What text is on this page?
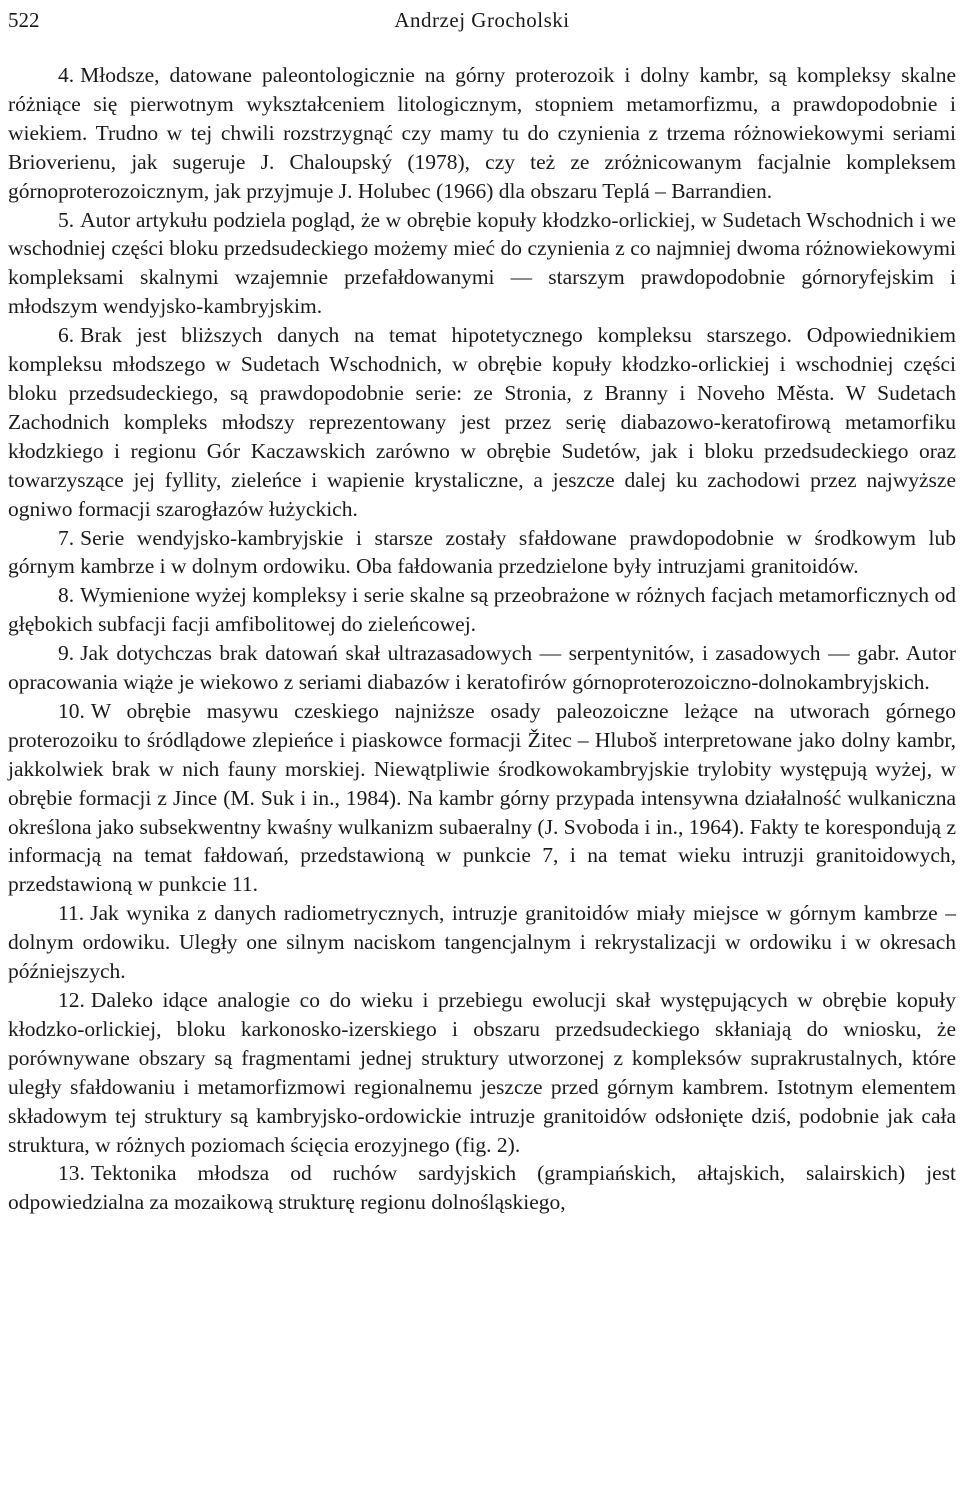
522	Andrzej Grocholski

4. Młodsze, datowane paleontologicznie na górny proterozoik i dolny kambr, są kompleksy skalne różniące się pierwotnym wykształceniem litologicznym, stopniem metamorfizmu, a prawdopodobnie i wiekiem. Trudno w tej chwili rozstrzygnąć czy mamy tu do czynienia z trzema różnowiekowymi seriami Brioverienu, jak sugeruje J. Chaloupský (1978), czy też ze zróżnicowanym facjalnie kompleksem górnoproterozoicznym, jak przyjmuje J. Holubec (1966) dla obszaru Teplá – Barrandien.

5. Autor artykułu podziela pogląd, że w obrębie kopuły kłodzko-orlickiej, w Sudetach Wschodnich i we wschodniej części bloku przedsudeckiego możemy mieć do czynienia z co najmniej dwoma różnowiekowymi kompleksami skalnymi wzajemnie przefałdowanymi — starszym prawdopodobnie górnoryfejskim i młodszym wendyjsko-kambryjskim.

6. Brak jest bliższych danych na temat hipotetycznego kompleksu starszego. Odpowiednikiem kompleksu młodszego w Sudetach Wschodnich, w obrębie kopuły kłodzko-orlickiej i wschodniej części bloku przedsudeckiego, są prawdopodobnie serie: ze Stronia, z Branny i Noveho Města. W Sudetach Zachodnich kompleks młodszy reprezentowany jest przez serię diabazowo-keratofirową metamorfiku kłodzkiego i regionu Gór Kaczawskich zarówno w obrębie Sudetów, jak i bloku przedsudeckiego oraz towarzyszące jej fyllity, zieleńce i wapienie krystaliczne, a jeszcze dalej ku zachodowi przez najwyższe ogniwo formacji szarogłazów łużyckich.

7. Serie wendyjsko-kambryjskie i starsze zostały sfałdowane prawdopodobnie w środkowym lub górnym kambrze i w dolnym ordowiku. Oba fałdowania przedzielone były intruzjami granitoidów.

8. Wymienione wyżej kompleksy i serie skalne są przeobrażone w różnych facjach metamorficznych od głębokich subfacji facji amfibolitowej do zieleńcowej.

9. Jak dotychczas brak datowań skał ultrazasadowych — serpentynitów, i zasadowych — gabr. Autor opracowania wiąże je wiekowo z seriami diabazów i keratofirów górnoproterozoiczno-dolnokambryjskich.

10. W obrębie masywu czeskiego najniższe osady paleozoiczne leżące na utworach górnego proterozoiku to śródlądowe zlepieńce i piaskowce formacji Žitec – Hluboš interpretowane jako dolny kambr, jakkolwiek brak w nich fauny morskiej. Niewątpliwie środkowokambryjskie trylobity występują wyżej, w obrębie formacji z Jince (M. Suk i in., 1984). Na kambr górny przypada intensywna działalność wulkaniczna określona jako subsekwentny kwaśny wulkanizm subaeralny (J. Svoboda i in., 1964). Fakty te korespondują z informacją na temat fałdowań, przedstawioną w punkcie 7, i na temat wieku intruzji granitoidowych, przedstawioną w punkcie 11.

11. Jak wynika z danych radiometrycznych, intruzje granitoidów miały miejsce w górnym kambrze – dolnym ordowiku. Uległy one silnym naciskom tangencjalnym i rekrystalizacji w ordowiku i w okresach późniejszych.

12. Daleko idące analogie co do wieku i przebiegu ewolucji skał występujących w obrębie kopuły kłodzko-orlickiej, bloku karkonosko-izerskiego i obszaru przedsudeckiego skłaniają do wniosku, że porównywane obszary są fragmentami jednej struktury utworzonej z kompleksów suprakrustalnych, które uległy sfałdowaniu i metamorfizmowi regionalnemu jeszcze przed górnym kambrem. Istotnym elementem składowym tej struktury są kambryjsko-ordowickie intruzje granitoidów odsłonięte dziś, podobnie jak cała struktura, w różnych poziomach ścięcia erozyjnego (fig. 2).

13. Tektonika młodsza od ruchów sardyjskich (grampiańskich, ałtajskich, salairskich) jest odpowiedzialna za mozaikową strukturę regionu dolnośląskiego,
